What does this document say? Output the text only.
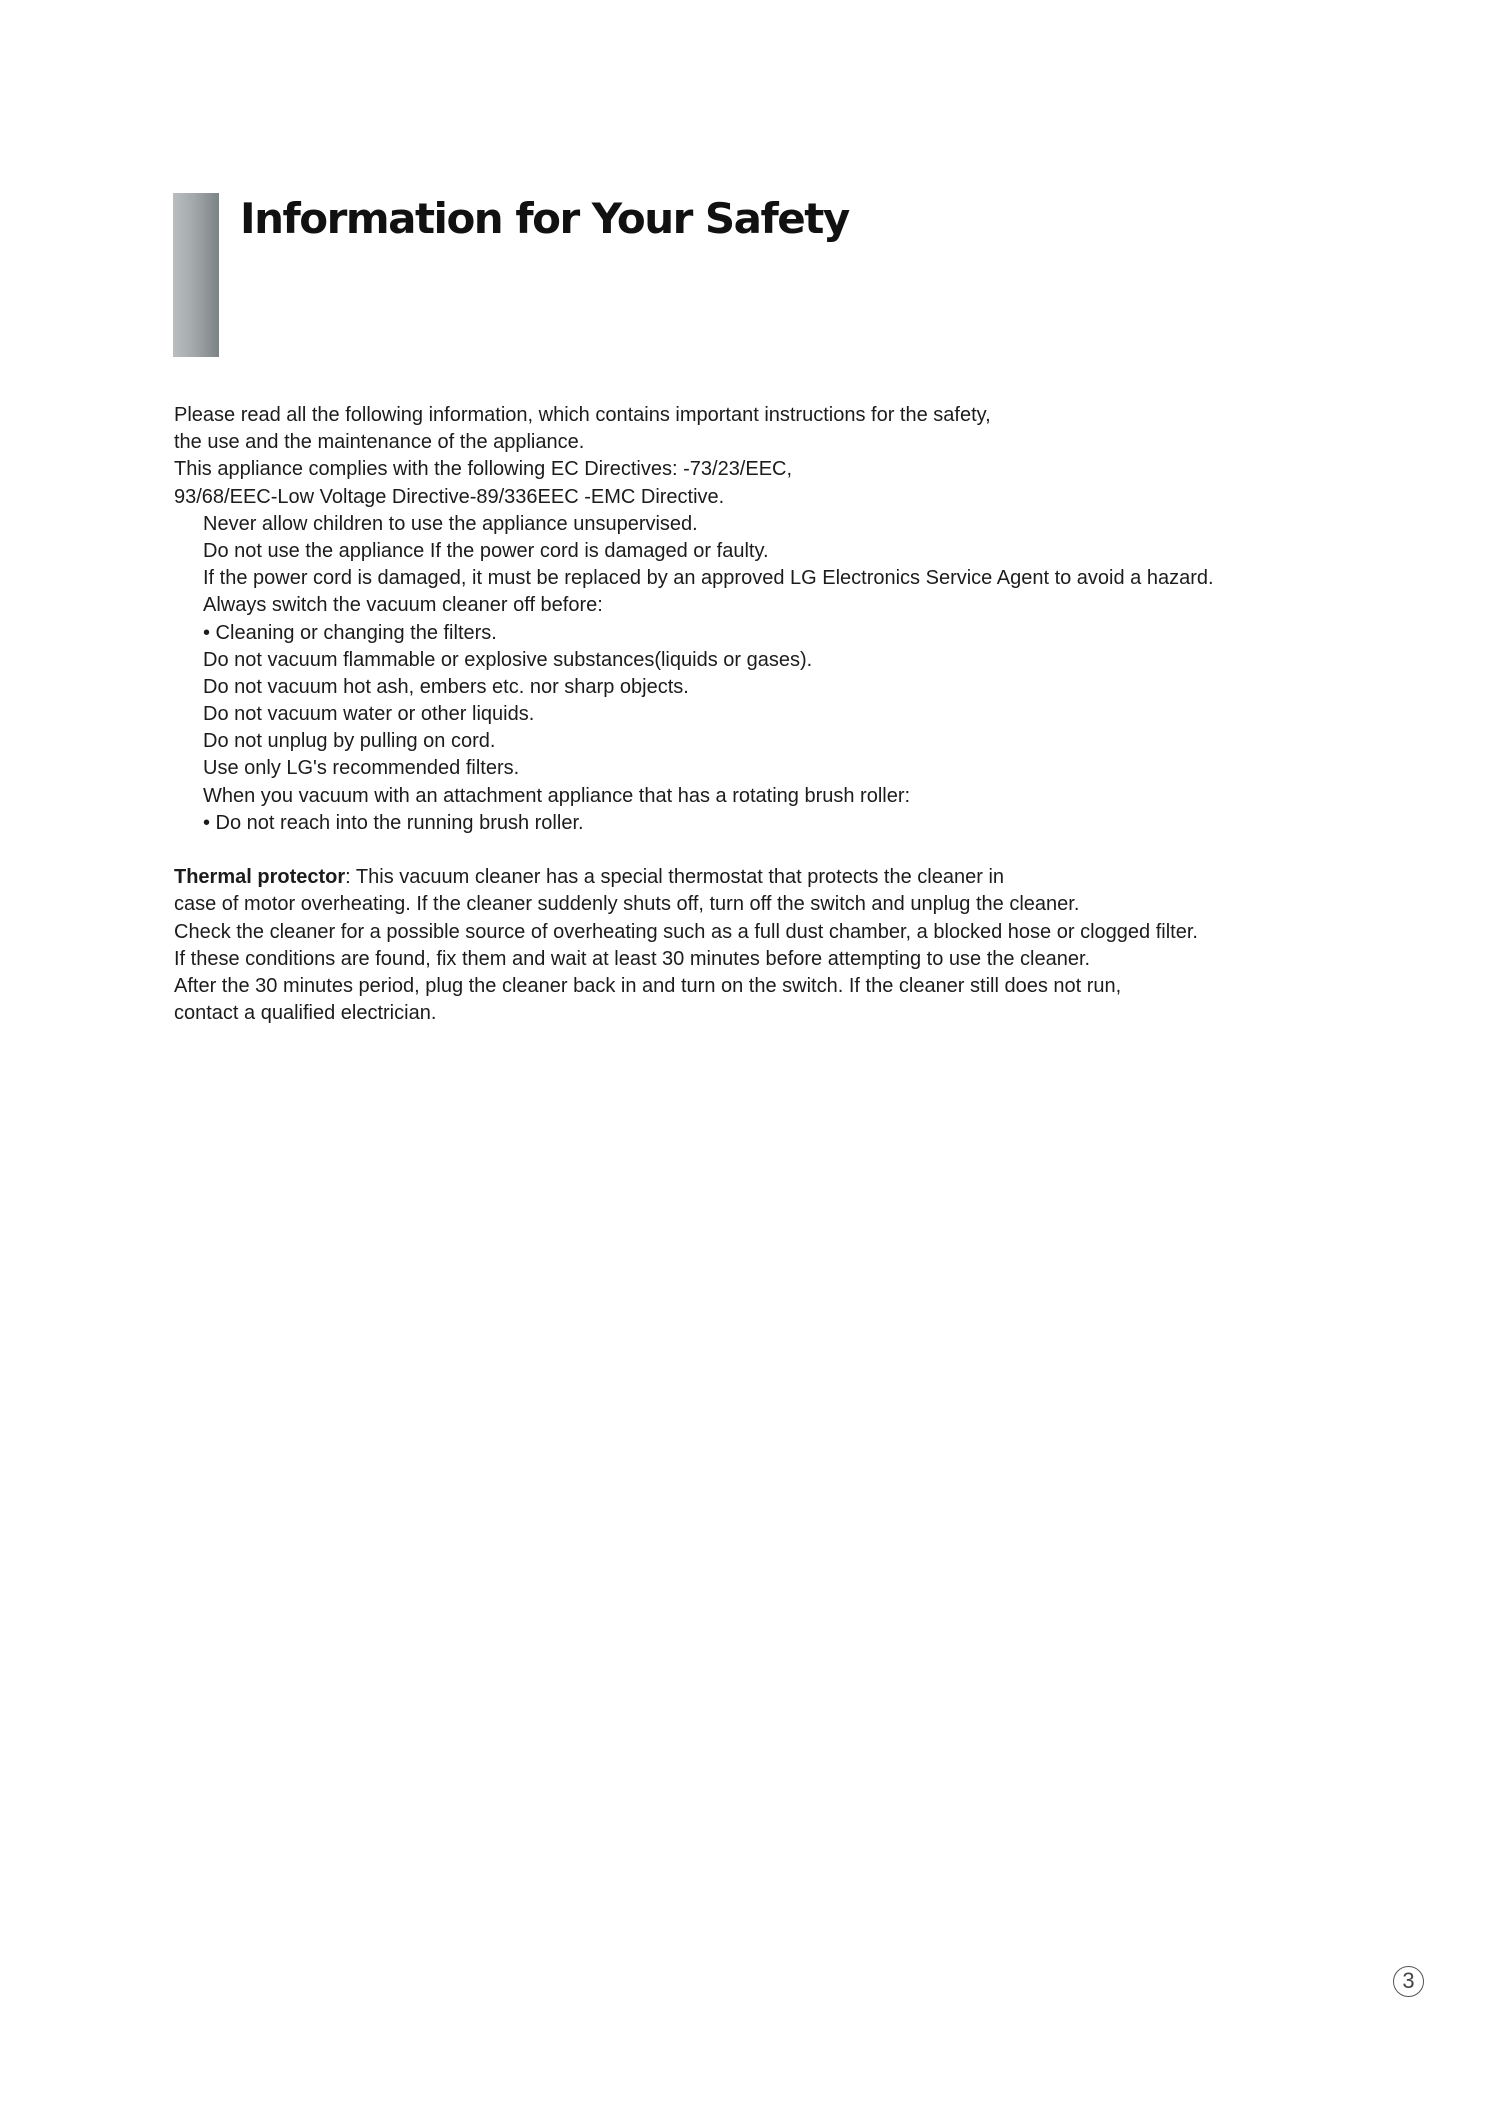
Information for Your Safety
Please read all the following information, which contains important instructions for the safety,
the use and the maintenance of the appliance.
This appliance complies with the following EC Directives: -73/23/EEC,
93/68/EEC-Low Voltage Directive-89/336EEC -EMC Directive.
Never allow children to use the appliance unsupervised.
Do not use the appliance If the power cord is damaged or faulty.
If the power cord is damaged, it must be replaced by an approved LG Electronics Service Agent to avoid a hazard.
Always switch the vacuum cleaner off before:
• Cleaning or changing the filters.
Do not vacuum flammable or explosive substances(liquids or gases).
Do not vacuum hot ash, embers etc. nor sharp objects.
Do not vacuum water or other liquids.
Do not unplug by pulling on cord.
Use only LG's recommended filters.
When you vacuum with an attachment appliance that has a rotating brush roller:
• Do not reach into the running brush roller.
Thermal protector: This vacuum cleaner has a special thermostat that protects the cleaner in
case of motor overheating. If the cleaner suddenly shuts off, turn off the switch and unplug the cleaner.
Check the cleaner for a possible source of overheating such as a full dust chamber, a blocked hose or clogged filter.
If these conditions are found, fix them and wait at least 30 minutes before attempting to use the cleaner.
After the 30 minutes period, plug the cleaner back in and turn on the switch. If the cleaner still does not run,
contact a qualified electrician.
3
